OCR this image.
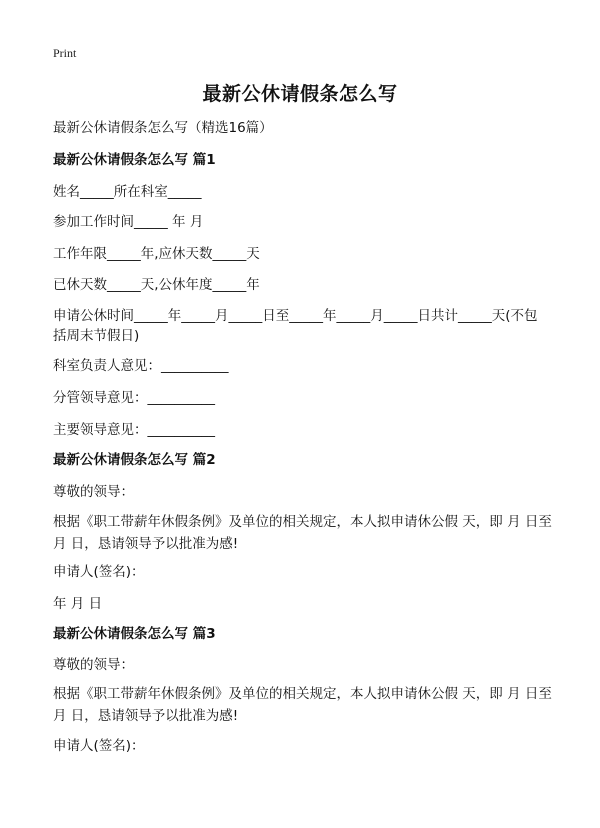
Print
最新公休请假条怎么写
最新公休请假条怎么写（精选16篇）
最新公休请假条怎么写 篇1
姓名_____所在科室_____
参加工作时间_____ 年 月
工作年限_____年,应休天数_____天
已休天数_____天,公休年度_____年
申请公休时间_____年_____月_____日至_____年_____月_____日共计_____天(不包
括周末节假日)
科室负责人意见：__________
分管领导意见：__________
主要领导意见：__________
最新公休请假条怎么写 篇2
尊敬的领导：
根据《职工带薪年休假条例》及单位的相关规定，本人拟申请休公假 天，即 月 日至 月 日，恳请领导予以批准为感!
申请人(签名)：
年 月 日
最新公休请假条怎么写 篇3
尊敬的领导：
根据《职工带薪年休假条例》及单位的相关规定，本人拟申请休公假 天，即 月 日至 月 日，恳请领导予以批准为感!
申请人(签名)：
